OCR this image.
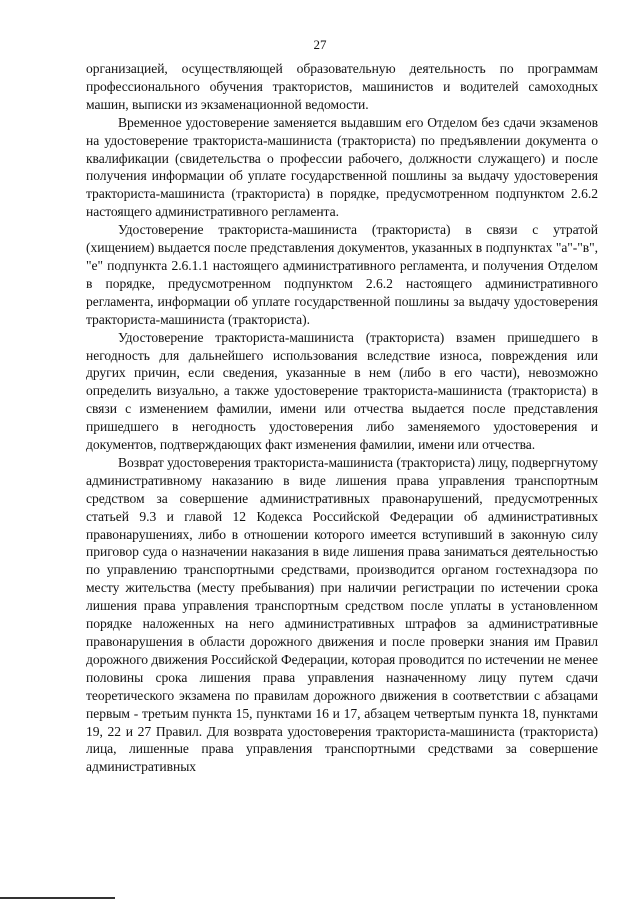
27

организацией, осуществляющей образовательную деятельность по программам профессионального обучения трактористов, машинистов и водителей самоходных машин, выписки из экзаменационной ведомости.

Временное удостоверение заменяется выдавшим его Отделом без сдачи экзаменов на удостоверение тракториста-машиниста (тракториста) по предъявлении документа о квалификации (свидетельства о профессии рабочего, должности служащего) и после получения информации об уплате государственной пошлины за выдачу удостоверения тракториста-машиниста (тракториста) в порядке, предусмотренном подпунктом 2.6.2 настоящего административного регламента.

Удостоверение тракториста-машиниста (тракториста) в связи с утратой (хищением) выдается после представления документов, указанных в подпунктах "а"-"в", "е" подпункта 2.6.1.1 настоящего административного регламента, и получения Отделом в порядке, предусмотренном подпунктом 2.6.2 настоящего административного регламента, информации об уплате государственной пошлины за выдачу удостоверения тракториста-машиниста (тракториста).

Удостоверение тракториста-машиниста (тракториста) взамен пришедшего в негодность для дальнейшего использования вследствие износа, повреждения или других причин, если сведения, указанные в нем (либо в его части), невозможно определить визуально, а также удостоверение тракториста-машиниста (тракториста) в связи с изменением фамилии, имени или отчества выдается после представления пришедшего в негодность удостоверения либо заменяемого удостоверения и документов, подтверждающих факт изменения фамилии, имени или отчества.

Возврат удостоверения тракториста-машиниста (тракториста) лицу, подвергнутому административному наказанию в виде лишения права управления транспортным средством за совершение административных правонарушений, предусмотренных статьей 9.3 и главой 12 Кодекса Российской Федерации об административных правонарушениях, либо в отношении которого имеется вступивший в законную силу приговор суда о назначении наказания в виде лишения права заниматься деятельностью по управлению транспортными средствами, производится органом гостехнадзора по месту жительства (месту пребывания) при наличии регистрации по истечении срока лишения права управления транспортным средством после уплаты в установленном порядке наложенных на него административных штрафов за административные правонарушения в области дорожного движения и после проверки знания им Правил дорожного движения Российской Федерации, которая проводится по истечении не менее половины срока лишения права управления назначенному лицу путем сдачи теоретического экзамена по правилам дорожного движения в соответствии с абзацами первым - третьим пункта 15, пунктами 16 и 17, абзацем четвертым пункта 18, пунктами 19, 22 и 27 Правил. Для возврата удостоверения тракториста-машиниста (тракториста) лица, лишенные права управления транспортными средствами за совершение административных
